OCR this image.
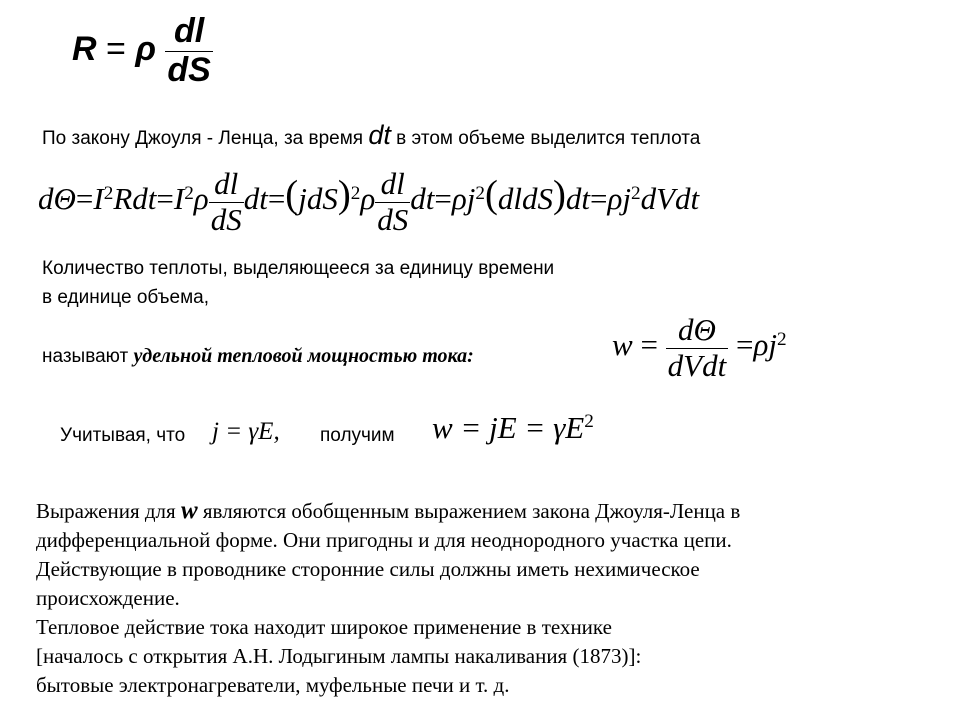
R = ρ $\frac{dl}{dS}$
По закону Джоуля - Ленца, за время dt в этом объеме выделится теплота
$d\Theta=I^2Rdt=I^2\rho \frac{dl}{dS} dt=(jdS)^2\rho \frac{dl}{dS}$ $dt=\rho j^2(dldS)dt=\rho j^2dVdt$
Количество теплоты, выделяющееся за единицу времени
в единице объема,
называют удельной тепловой мощностью тока:	$w = \frac{d\Theta}{\text{dVdt}} =\rho j^2$
Учитывая, что j = γE, получим w = jE = $\gamma E^2$
Выражения для w являются обобщенным выражением закона Джоуля-Ленца в
дифференциальной форме. Они пригодны и для неоднородного участка цепи.
Действующие в проводнике сторонние силы должны иметь нехимическое
происхождение.
Тепловое действие тока находит широкое применение в технике
[началось с открытия А.Н. Лодыгиным лампы накаливания (1873)]:
бытовые электронагреватели, муфельные печи и т. д.
